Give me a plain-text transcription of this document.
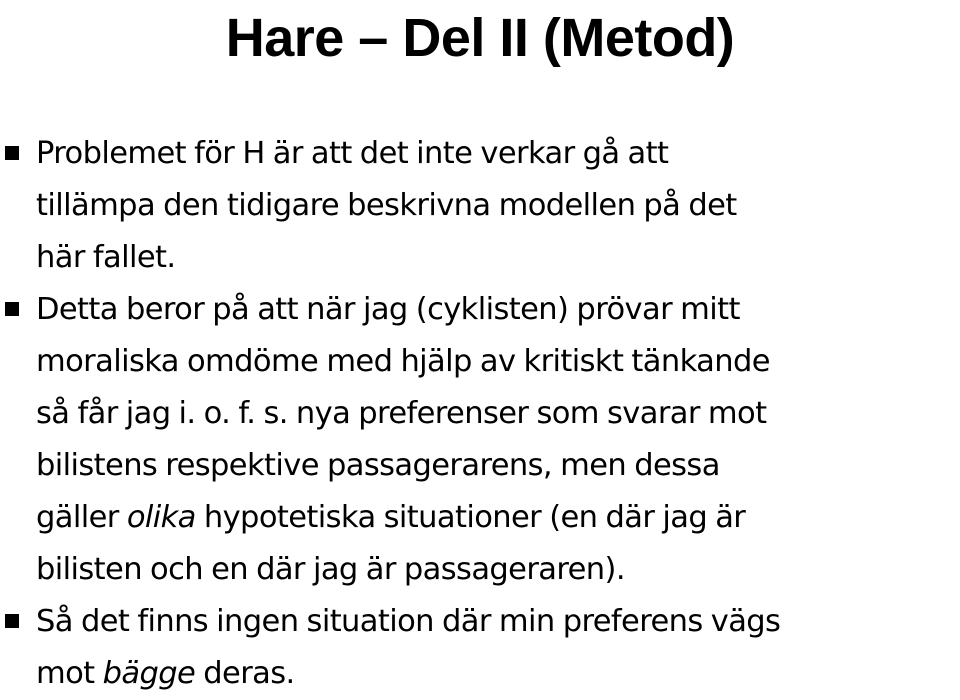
Hare – Del II (Metod)
Problemet för H är att det inte verkar gå att
tillämpa den tidigare beskrivna modellen på det
här fallet.
Detta beror på att när jag (cyklisten) prövar mitt
moraliska omdöme med hjälp av kritiskt tänkande
så får jag i. o. f. s. nya preferenser som svarar mot
bilistens respektive passagerarens, men dessa
gäller olika hypotetiska situationer (en där jag är
bilisten och en där jag är passageraren).
Så det finns ingen situation där min preferens vägs
mot bägge deras.
